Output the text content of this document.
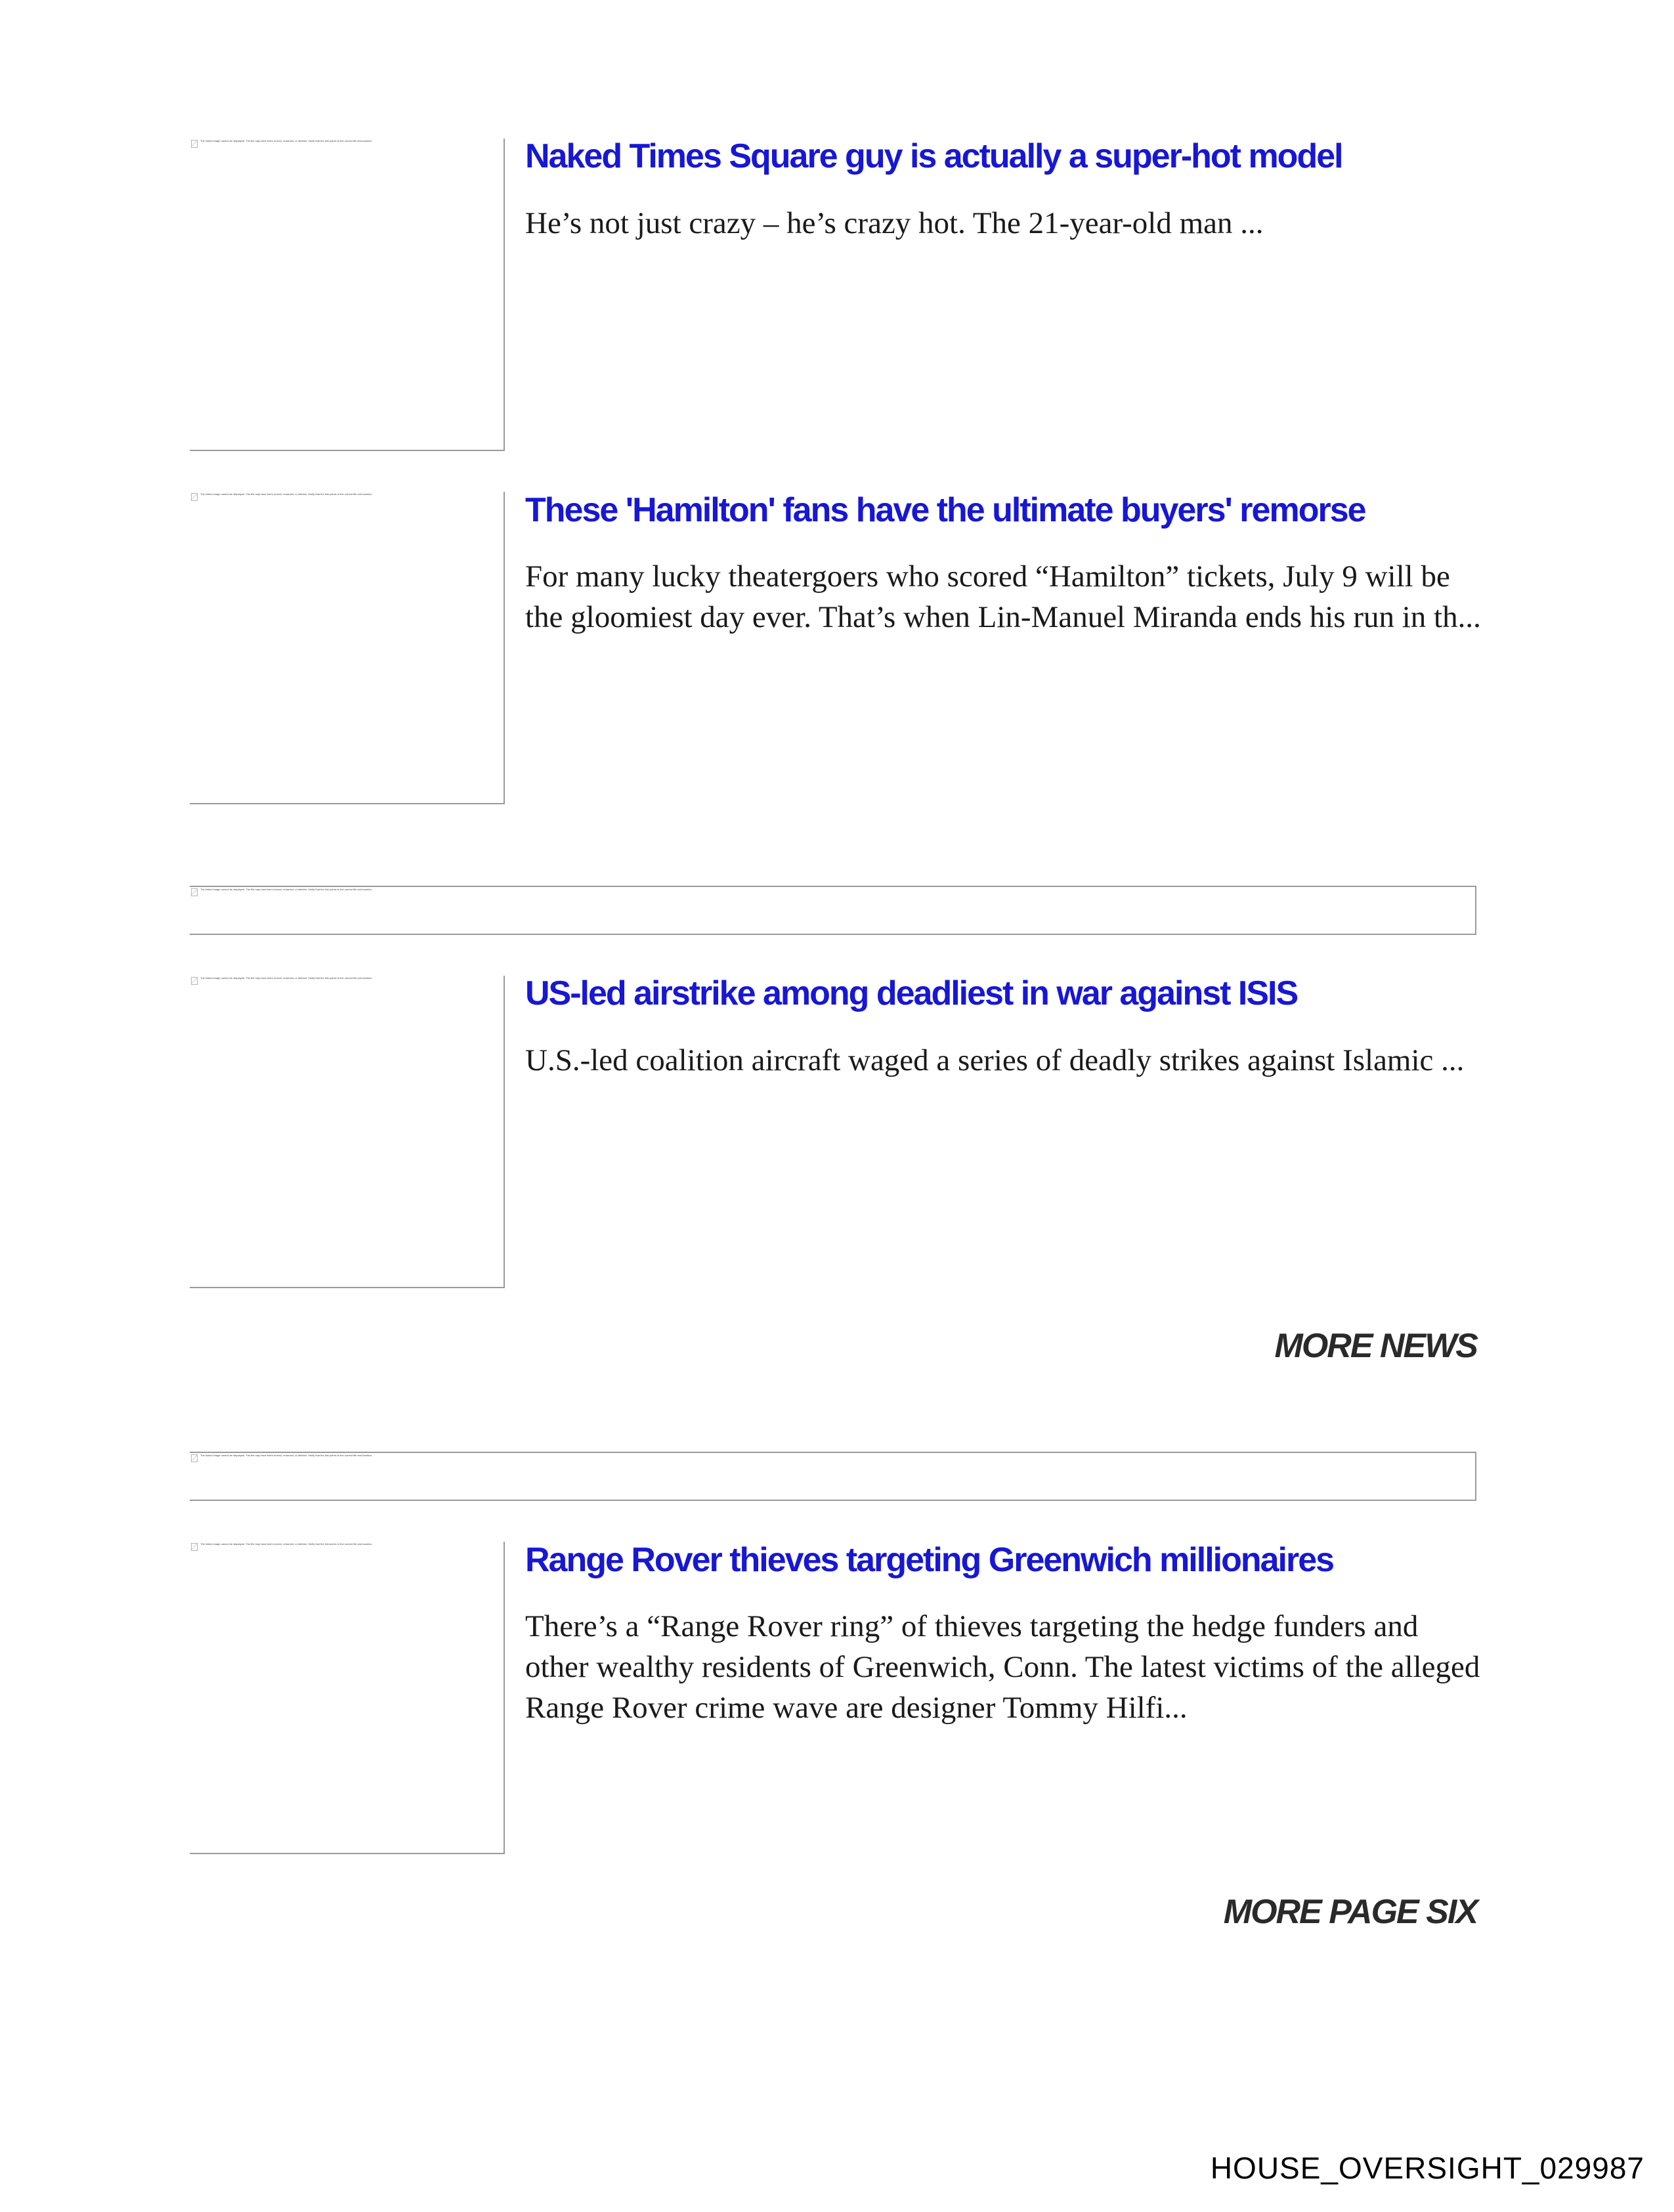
The linked image cannot be displayed. The file may have been moved, renamed, or deleted. Verify that the link points to the correct file and location.	Naked Times Square guy is actually a super-hot model

He’s not just crazy – he’s crazy hot. The 21-year-old man ...

The linked image cannot be displayed. The file may have been moved, renamed, or deleted. Verify that the link points to the correct file and location.	These 'Hamilton' fans have the ultimate buyers' remorse

For many lucky theatergoers who scored “Hamilton” tickets, July 9 will be the gloomiest day ever. That’s when Lin-Manuel Miranda ends his run in th...

The linked image cannot be displayed. The file may have been moved, renamed, or deleted. Verify that the link points to the correct file and location.
The linked image cannot be displayed. The file may have been moved, renamed, or deleted. Verify that the link points to the correct file and location.	US-led airstrike among deadliest in war against ISIS

U.S.-led coalition aircraft waged a series of deadly strikes against Islamic ...

MORE NEWS
The linked image cannot be displayed. The file may have been moved, renamed, or deleted. Verify that the link points to the correct file and location.
The linked image cannot be displayed. The file may have been moved, renamed, or deleted. Verify that the link points to the correct file and location.	Range Rover thieves targeting Greenwich millionaires

There’s a “Range Rover ring” of thieves targeting the hedge funders and other wealthy residents of Greenwich, Conn. The latest victims of the alleged Range Rover crime wave are designer Tommy Hilfi...

MORE PAGE SIX
HOUSE_OVERSIGHT_029987
